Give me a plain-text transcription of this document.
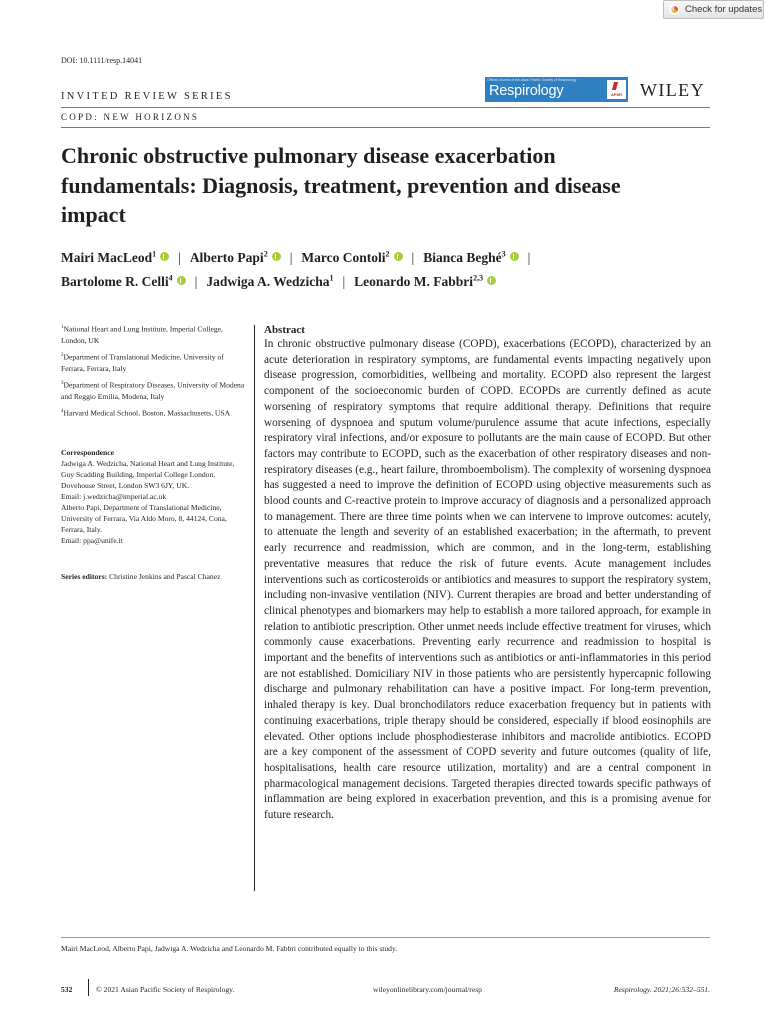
Check for updates
DOI: 10.1111/resp.14041
INVITED REVIEW SERIES
COPD: NEW HORIZONS
Official Journal of the Asian Pacific Society of Respirology
Respirology	APSR WILEY
Chronic obstructive pulmonary disease exacerbation fundamentals: Diagnosis, treatment, prevention and disease impact
Mairi MacLeod$^1$ | Alberto Papi$^2$ | Marco Contoli$^2$ | Bianca Beghé$^3$ |
Bartolome R. Celli$^4$ | Jadwiga A. Wedzicha$^1$ | Leonardo M. Fabbri$^{2,3}$
$^1$National Heart and Lung Institute, Imperial College, London, UK
$^2$Department of Translational Medicine, University of Ferrara, Ferrara, Italy
$^3$Department of Respiratory Diseases, University of Modena and Reggio Emilia, Modena, Italy
$^4$Harvard Medical School, Boston, Massachusetts, USA
Correspondence
Jadwiga A. Wedzicha, National Heart and Lung Institute, Guy Scadding Building, Imperial College London, Dovehouse Street, London SW3 6JY, UK.
Email: j.wedzicha@imperial.ac.uk
Alberto Papi, Department of Translational Medicine, University of Ferrara, Via Aldo Moro, 8, 44124, Cona, Ferrara, Italy.
Email: ppa@unife.it
Series editors: Christine Jenkins and Pascal Chanez
Abstract

In chronic obstructive pulmonary disease (COPD), exacerbations (ECOPD), characterized by an acute deterioration in respiratory symptoms, are fundamental events impacting negatively upon disease progression, comorbidities, wellbeing and mortality. ECOPD also represent the largest component of the socioeconomic burden of COPD. ECOPDs are currently defined as acute worsening of respiratory symptoms that require additional therapy. Definitions that require worsening of dyspnoea and sputum volume/purulence assume that acute infections, especially respiratory viral infections, and/or exposure to pollutants are the main cause of ECOPD. But other factors may contribute to ECOPD, such as the exacerbation of other respiratory diseases and non-respiratory diseases (e.g., heart failure, thromboembolism). The complexity of worsening dyspnoea has suggested a need to improve the definition of ECOPD using objective measurements such as blood counts and C-reactive protein to improve accuracy of diagnosis and a personalized approach to management. There are three time points when we can intervene to improve outcomes: acutely, to attenuate the length and severity of an established exacerbation; in the aftermath, to prevent early recurrence and readmission, which are common, and in the long-term, establishing preventative measures that reduce the risk of future events. Acute management includes interventions such as corticosteroids or antibiotics and measures to support the respiratory system, including non-invasive ventilation (NIV). Current therapies are broad and better understanding of clinical phenotypes and biomarkers may help to establish a more tailored approach, for example in relation to antibiotic prescription. Other unmet needs include effective treatment for viruses, which commonly cause exacerbations. Preventing early recurrence and readmission to hospital is important and the benefits of interventions such as antibiotics or anti-inflammatories in this period are not established. Domiciliary NIV in those patients who are persistently hypercapnic following discharge and pulmonary rehabilitation can have a positive impact. For long-term prevention, inhaled therapy is key. Dual bronchodilators reduce exacerbation frequency but in patients with continuing exacerbations, triple therapy should be considered, especially if blood eosinophils are elevated. Other options include phosphodiesterase inhibitors and macrolide antibiotics. ECOPD are a key component of the assessment of COPD severity and future outcomes (quality of life, hospitalisations, health care resource utilization, mortality) and are a central component in pharmacological management decisions. Targeted therapies directed towards specific pathways of inflammation are being explored in exacerbation prevention, and this is a promising avenue for future research.

Mairi MacLeod, Alberto Papi, Jadwiga A. Wedzicha and Leonardo M. Fabbri contributed equally to this study.
532	© 2021 Asian Pacific Society of Respirology.	wileyonlinelibrary.com/journal/resp	Respirology. 2021;26:532–551.
